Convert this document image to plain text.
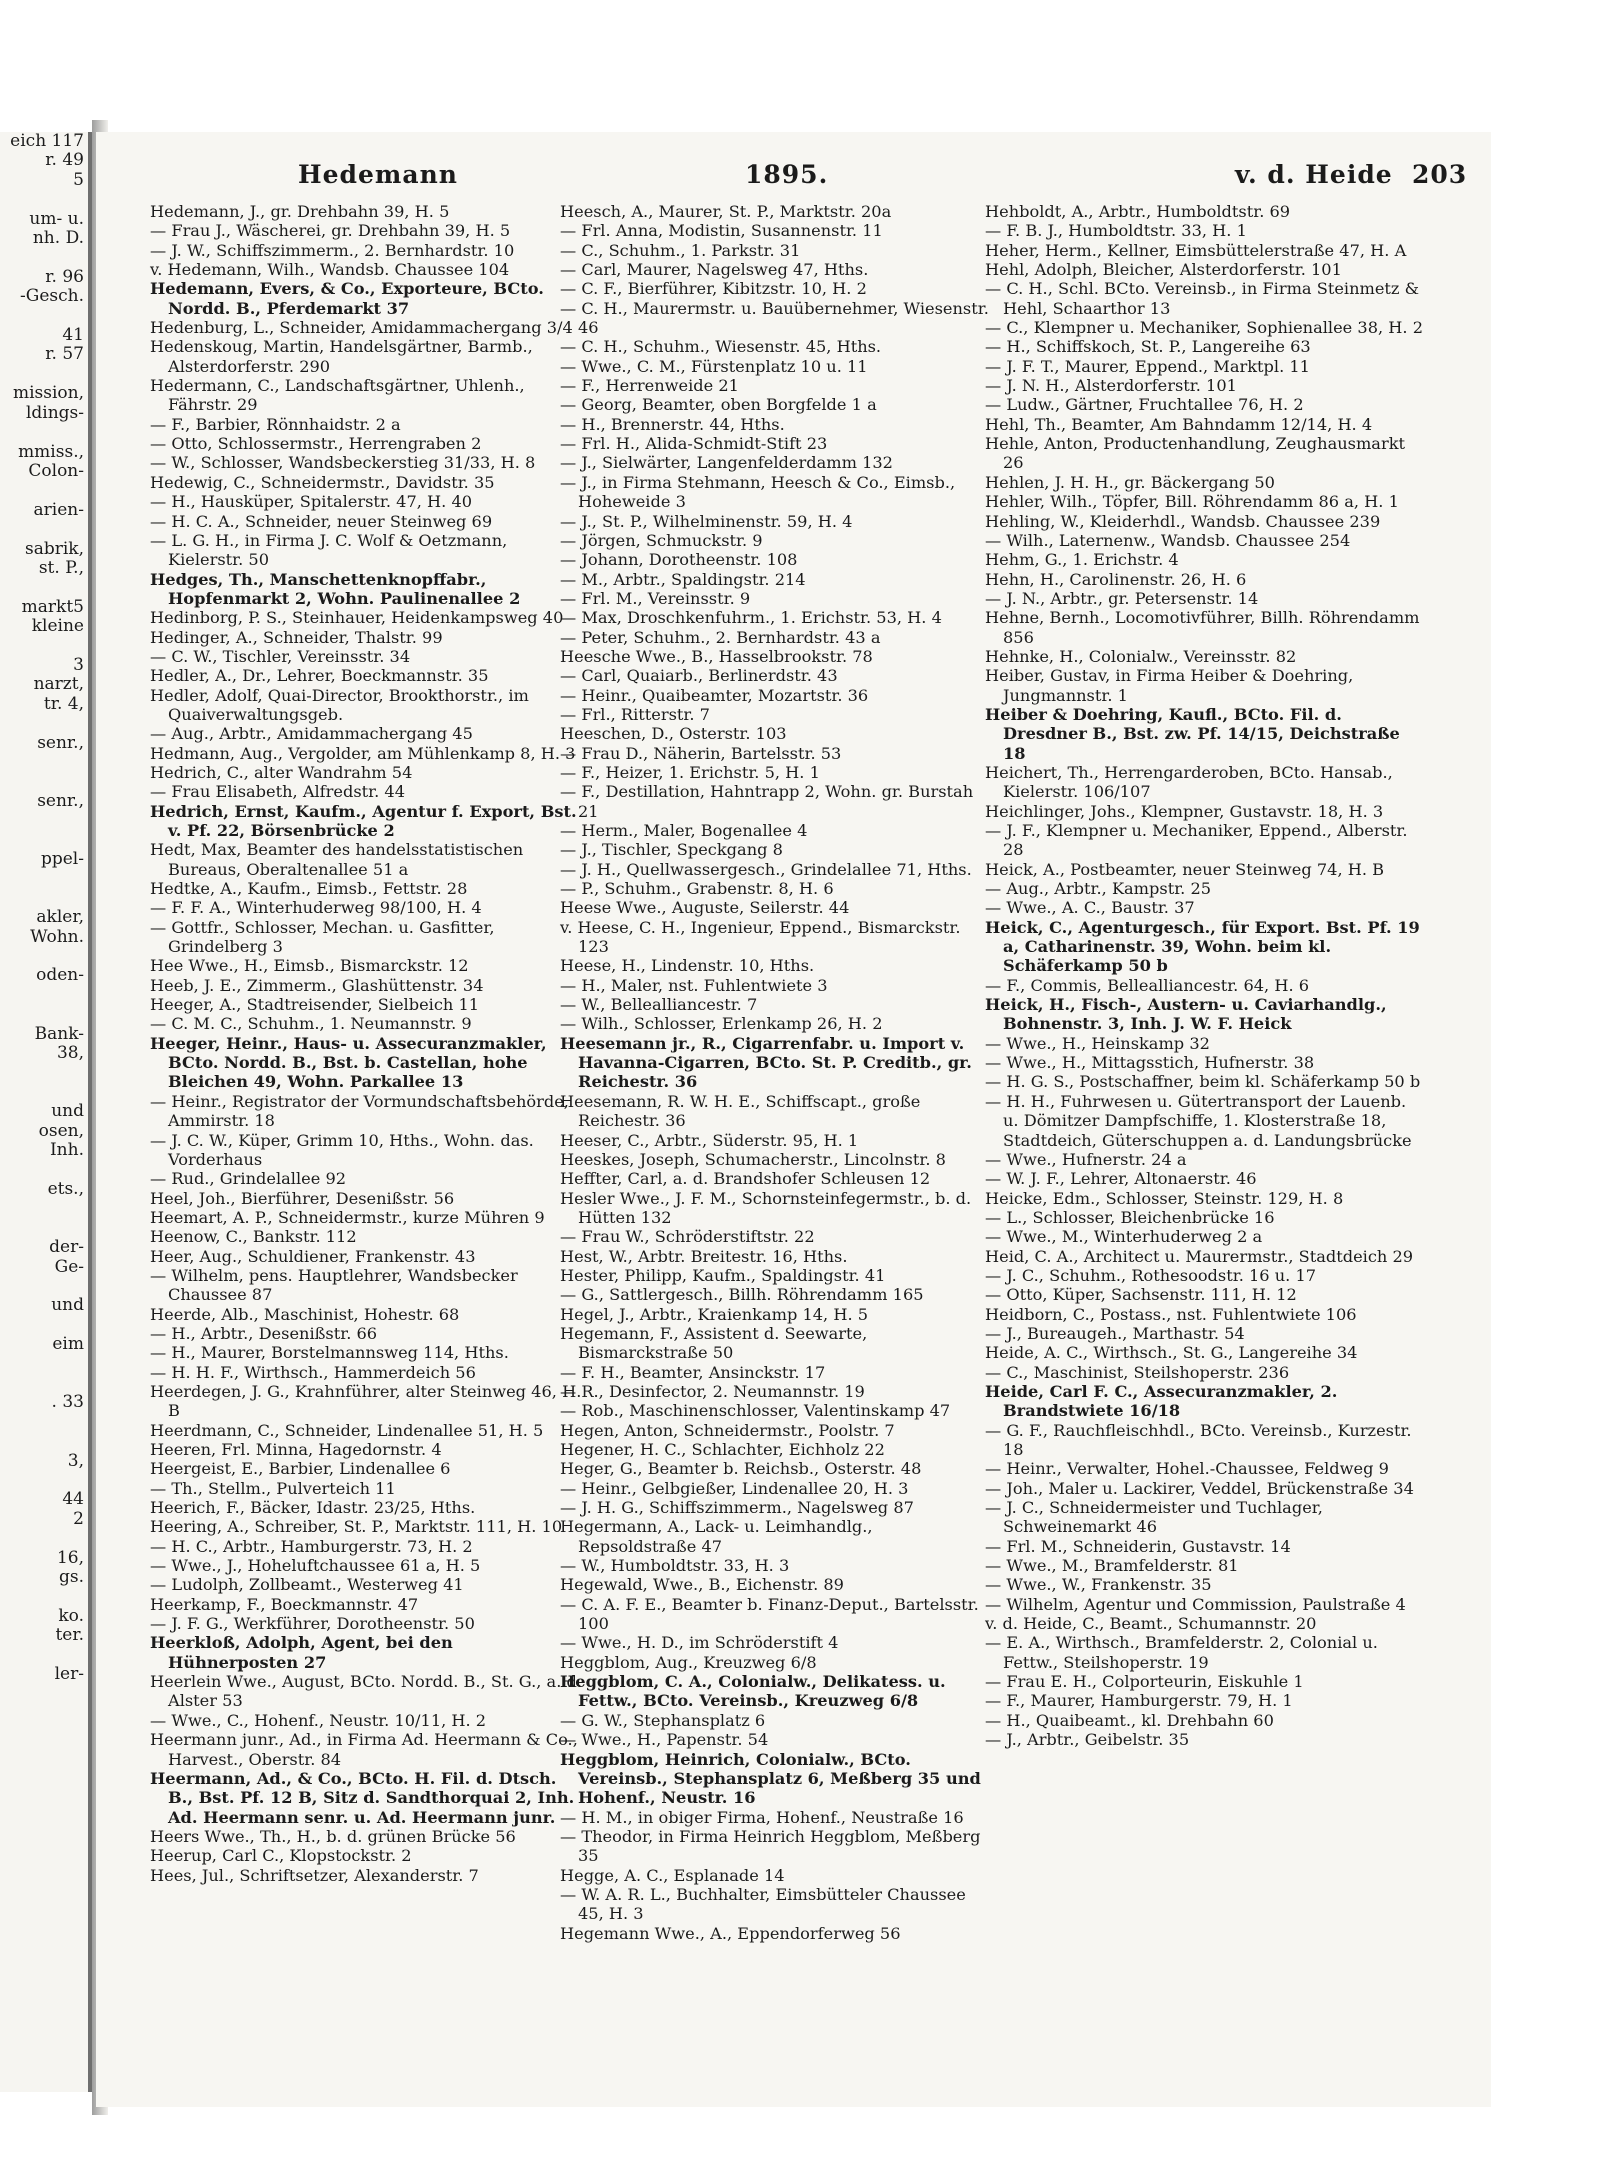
eich 117
r. 49
5

um- u.
nh. D.

r. 96
-Gesch.

41
r. 57

mission,
ldings-

mmiss.,
Colon-

arien-

sabrik,
st. P.,

markt5
kleine

3
narzt,
tr. 4,

senr.,

senr.,

ppel-

akler,
Wohn.

oden-

Bank-
38,

und
osen,
Inh.

ets.,

der-
Ge-

und

eim

. 33

3,

44
2

16,
gs.

ko.
ter.

ler-
Hedemann	1895.	v. d. Heide 203
Hedemann, J., gr. Drehbahn 39, H. 5
— Frau J., Wäscherei, gr. Drehbahn 39, H. 5
— J. W., Schiffszimmerm., 2. Bernhardstr. 10
v. Hedemann, Wilh., Wandsb. Chaussee 104
Hedemann, Evers, & Co., Exporteure, BCto. Nordd. B., Pferdemarkt 37
Hedenburg, L., Schneider, Amidammachergang 3/4
Hedenskoug, Martin, Handelsgärtner, Barmb., Alsterdorferstr. 290
Hedermann, C., Landschaftsgärtner, Uhlenh., Fährstr. 29
— F., Barbier, Rönnhaidstr. 2 a
— Otto, Schlossermstr., Herrengraben 2
— W., Schlosser, Wandsbeckerstieg 31/33, H. 8
Hedewig, C., Schneidermstr., Davidstr. 35
— H., Hausküper, Spitalerstr. 47, H. 40
— H. C. A., Schneider, neuer Steinweg 69
— L. G. H., in Firma J. C. Wolf & Oetzmann, Kielerstr. 50
Hedges, Th., Manschettenknopffabr., Hopfenmarkt 2, Wohn. Paulinenallee 2
Hedinborg, P. S., Steinhauer, Heidenkampsweg 40
Hedinger, A., Schneider, Thalstr. 99
— C. W., Tischler, Vereinsstr. 34
Hedler, A., Dr., Lehrer, Boeckmannstr. 35
Hedler, Adolf, Quai-Director, Brookthorstr., im Quaiverwaltungsgeb.
— Aug., Arbtr., Amidammachergang 45
Hedmann, Aug., Vergolder, am Mühlenkamp 8, H. 3
Hedrich, C., alter Wandrahm 54
— Frau Elisabeth, Alfredstr. 44
Hedrich, Ernst, Kaufm., Agentur f. Export, Bst. v. Pf. 22, Börsenbrücke 2
Hedt, Max, Beamter des handelsstatistischen Bureaus, Oberaltenallee 51 a
Hedtke, A., Kaufm., Eimsb., Fettstr. 28
— F. F. A., Winterhuderweg 98/100, H. 4
— Gottfr., Schlosser, Mechan. u. Gasfitter, Grindelberg 3
Hee Wwe., H., Eimsb., Bismarckstr. 12
Heeb, J. E., Zimmerm., Glashüttenstr. 34
Heeger, A., Stadtreisender, Sielbeich 11
— C. M. C., Schuhm., 1. Neumannstr. 9
Heeger, Heinr., Haus- u. Assecuranzmakler, BCto. Nordd. B., Bst. b. Castellan, hohe Bleichen 49, Wohn. Parkallee 13
— Heinr., Registrator der Vormundschaftsbehörde, Ammirstr. 18
— J. C. W., Küper, Grimm 10, Hths., Wohn. das. Vorderhaus
— Rud., Grindelallee 92
Heel, Joh., Bierführer, Desenißstr. 56
Heemart, A. P., Schneidermstr., kurze Mühren 9
Heenow, C., Bankstr. 112
Heer, Aug., Schuldiener, Frankenstr. 43
— Wilhelm, pens. Hauptlehrer, Wandsbecker Chaussee 87
Heerde, Alb., Maschinist, Hohestr. 68
— H., Arbtr., Desenißstr. 66
— H., Maurer, Borstelmannsweg 114, Hths.
— H. H. F., Wirthsch., Hammerdeich 56
Heerdegen, J. G., Krahnführer, alter Steinweg 46, H. B
Heerdmann, C., Schneider, Lindenallee 51, H. 5
Heeren, Frl. Minna, Hagedornstr. 4
Heergeist, E., Barbier, Lindenallee 6
— Th., Stellm., Pulverteich 11
Heerich, F., Bäcker, Idastr. 23/25, Hths.
Heering, A., Schreiber, St. P., Marktstr. 111, H. 10
— H. C., Arbtr., Hamburgerstr. 73, H. 2
— Wwe., J., Hoheluftchaussee 61 a, H. 5
— Ludolph, Zollbeamt., Westerweg 41
Heerkamp, F., Boeckmannstr. 47
— J. F. G., Werkführer, Dorotheenstr. 50
Heerkloß, Adolph, Agent, bei den Hühnerposten 27
Heerlein Wwe., August, BCto. Nordd. B., St. G., a. d. Alster 53
— Wwe., C., Hohenf., Neustr. 10/11, H. 2
Heermann junr., Ad., in Firma Ad. Heermann & Co., Harvest., Oberstr. 84
Heermann, Ad., & Co., BCto. H. Fil. d. Dtsch. B., Bst. Pf. 12 B, Sitz d. Sandthorquai 2, Inh. Ad. Heermann senr. u. Ad. Heermann junr.
Heers Wwe., Th., H., b. d. grünen Brücke 56
Heerup, Carl C., Klopstockstr. 2
Hees, Jul., Schriftsetzer, Alexanderstr. 7
Heesch, A., Maurer, St. P., Marktstr. 20a
— Frl. Anna, Modistin, Susannenstr. 11
— C., Schuhm., 1. Parkstr. 31
— Carl, Maurer, Nagelsweg 47, Hths.
— C. F., Bierführer, Kibitzstr. 10, H. 2
— C. H., Maurermstr. u. Bauübernehmer, Wiesenstr. 46
— C. H., Schuhm., Wiesenstr. 45, Hths.
— Wwe., C. M., Fürstenplatz 10 u. 11
— F., Herrenweide 21
— Georg, Beamter, oben Borgfelde 1 a
— H., Brennerstr. 44, Hths.
— Frl. H., Alida-Schmidt-Stift 23
— J., Sielwärter, Langenfelderdamm 132
— J., in Firma Stehmann, Heesch & Co., Eimsb., Hoheweide 3
— J., St. P., Wilhelminenstr. 59, H. 4
— Jörgen, Schmuckstr. 9
— Johann, Dorotheenstr. 108
— M., Arbtr., Spaldingstr. 214
— Frl. M., Vereinsstr. 9
— Max, Droschkenfuhrm., 1. Erichstr. 53, H. 4
— Peter, Schuhm., 2. Bernhardstr. 43 a
Heesche Wwe., B., Hasselbrookstr. 78
— Carl, Quaiarb., Berlinerdstr. 43
— Heinr., Quaibeamter, Mozartstr. 36
— Frl., Ritterstr. 7
Heeschen, D., Osterstr. 103
— Frau D., Näherin, Bartelsstr. 53
— F., Heizer, 1. Erichstr. 5, H. 1
— F., Destillation, Hahntrapp 2, Wohn. gr. Burstah 21
— Herm., Maler, Bogenallee 4
— J., Tischler, Speckgang 8
— J. H., Quellwassergesch., Grindelallee 71, Hths.
— P., Schuhm., Grabenstr. 8, H. 6
Heese Wwe., Auguste, Seilerstr. 44
v. Heese, C. H., Ingenieur, Eppend., Bismarckstr. 123
Heese, H., Lindenstr. 10, Hths.
— H., Maler, nst. Fuhlentwiete 3
— W., Bellealliancestr. 7
— Wilh., Schlosser, Erlenkamp 26, H. 2
Heesemann jr., R., Cigarrenfabr. u. Import v. Havanna-Cigarren, BCto. St. P. Creditb., gr. Reichestr. 36
Heesemann, R. W. H. E., Schiffscapt., große Reichestr. 36
Heeser, C., Arbtr., Süderstr. 95, H. 1
Heeskes, Joseph, Schumacherstr., Lincolnstr. 8
Heffter, Carl, a. d. Brandshofer Schleusen 12
Hesler Wwe., J. F. M., Schornsteinfegermstr., b. d. Hütten 132
— Frau W., Schröderstiftstr. 22
Hest, W., Arbtr. Breitestr. 16, Hths.
Hester, Philipp, Kaufm., Spaldingstr. 41
— G., Sattlergesch., Billh. Röhrendamm 165
Hegel, J., Arbtr., Kraienkamp 14, H. 5
Hegemann, F., Assistent d. Seewarte, Bismarckstraße 50
— F. H., Beamter, Ansinckstr. 17
— R., Desinfector, 2. Neumannstr. 19
— Rob., Maschinenschlosser, Valentinskamp 47
Hegen, Anton, Schneidermstr., Poolstr. 7
Hegener, H. C., Schlachter, Eichholz 22
Heger, G., Beamter b. Reichsb., Osterstr. 48
— Heinr., Gelbgießer, Lindenallee 20, H. 3
— J. H. G., Schiffszimmerm., Nagelsweg 87
Hegermann, A., Lack- u. Leimhandlg., Repsoldstraße 47
— W., Humboldtstr. 33, H. 3
Hegewald, Wwe., B., Eichenstr. 89
— C. A. F. E., Beamter b. Finanz-Deput., Bartelsstr. 100
— Wwe., H. D., im Schröderstift 4
Heggblom, Aug., Kreuzweg 6/8
Heggblom, C. A., Colonialw., Delikatess. u. Fettw., BCto. Vereinsb., Kreuzweg 6/8
— G. W., Stephansplatz 6
— Wwe., H., Papenstr. 54
Heggblom, Heinrich, Colonialw., BCto. Vereinsb., Stephansplatz 6, Meßberg 35 und Hohenf., Neustr. 16
— H. M., in obiger Firma, Hohenf., Neustraße 16
— Theodor, in Firma Heinrich Heggblom, Meßberg 35
Hegge, A. C., Esplanade 14
— W. A. R. L., Buchhalter, Eimsbütteler Chaussee 45, H. 3
Hegemann Wwe., A., Eppendorferweg 56
Hehboldt, A., Arbtr., Humboldtstr. 69
— F. B. J., Humboldtstr. 33, H. 1
Heher, Herm., Kellner, Eimsbüttelerstraße 47, H. A
Hehl, Adolph, Bleicher, Alsterdorferstr. 101
— C. H., Schl. BCto. Vereinsb., in Firma Steinmetz & Hehl, Schaarthor 13
— C., Klempner u. Mechaniker, Sophienallee 38, H. 2
— H., Schiffskoch, St. P., Langereihe 63
— J. F. T., Maurer, Eppend., Marktpl. 11
— J. N. H., Alsterdorferstr. 101
— Ludw., Gärtner, Fruchtallee 76, H. 2
Hehl, Th., Beamter, Am Bahndamm 12/14, H. 4
Hehle, Anton, Productenhandlung, Zeughausmarkt 26
Hehlen, J. H. H., gr. Bäckergang 50
Hehler, Wilh., Töpfer, Bill. Röhrendamm 86 a, H. 1
Hehling, W., Kleiderhdl., Wandsb. Chaussee 239
— Wilh., Laternenw., Wandsb. Chaussee 254
Hehm, G., 1. Erichstr. 4
Hehn, H., Carolinenstr. 26, H. 6
— J. N., Arbtr., gr. Petersenstr. 14
Hehne, Bernh., Locomotivführer, Billh. Röhrendamm 856
Hehnke, H., Colonialw., Vereinsstr. 82
Heiber, Gustav, in Firma Heiber & Doehring, Jungmannstr. 1
Heiber & Doehring, Kaufl., BCto. Fil. d. Dresdner B., Bst. zw. Pf. 14/15, Deichstraße 18
Heichert, Th., Herrengarderoben, BCto. Hansab., Kielerstr. 106/107
Heichlinger, Johs., Klempner, Gustavstr. 18, H. 3
— J. F., Klempner u. Mechaniker, Eppend., Alberstr. 28
Heick, A., Postbeamter, neuer Steinweg 74, H. B
— Aug., Arbtr., Kampstr. 25
— Wwe., A. C., Baustr. 37
Heick, C., Agenturgesch., für Export. Bst. Pf. 19 a, Catharinenstr. 39, Wohn. beim kl. Schäferkamp 50 b
— F., Commis, Bellealliancestr. 64, H. 6
Heick, H., Fisch-, Austern- u. Caviarhandlg., Bohnenstr. 3, Inh. J. W. F. Heick
— Wwe., H., Heinskamp 32
— Wwe., H., Mittagsstich, Hufnerstr. 38
— H. G. S., Postschaffner, beim kl. Schäferkamp 50 b
— H. H., Fuhrwesen u. Gütertransport der Lauenb. u. Dömitzer Dampfschiffe, 1. Klosterstraße 18, Stadtdeich, Güterschuppen a. d. Landungsbrücke
— Wwe., Hufnerstr. 24 a
— W. J. F., Lehrer, Altonaerstr. 46
Heicke, Edm., Schlosser, Steinstr. 129, H. 8
— L., Schlosser, Bleichenbrücke 16
— Wwe., M., Winterhuderweg 2 a
Heid, C. A., Architect u. Maurermstr., Stadtdeich 29
— J. C., Schuhm., Rothesoodstr. 16 u. 17
— Otto, Küper, Sachsenstr. 111, H. 12
Heidborn, C., Postass., nst. Fuhlentwiete 106
— J., Bureaugeh., Marthastr. 54
Heide, A. C., Wirthsch., St. G., Langereihe 34
— C., Maschinist, Steilshoperstr. 236
Heide, Carl F. C., Assecuranzmakler, 2. Brandstwiete 16/18
— G. F., Rauchfleischhdl., BCto. Vereinsb., Kurzestr. 18
— Heinr., Verwalter, Hohel.-Chaussee, Feldweg 9
— Joh., Maler u. Lackirer, Veddel, Brückenstraße 34
— J. C., Schneidermeister und Tuchlager, Schweinemarkt 46
— Frl. M., Schneiderin, Gustavstr. 14
— Wwe., M., Bramfelderstr. 81
— Wwe., W., Frankenstr. 35
— Wilhelm, Agentur und Commission, Paulstraße 4
v. d. Heide, C., Beamt., Schumannstr. 20
— E. A., Wirthsch., Bramfelderstr. 2, Colonial u. Fettw., Steilshoperstr. 19
— Frau E. H., Colporteurin, Eiskuhle 1
— F., Maurer, Hamburgerstr. 79, H. 1
— H., Quaibeamt., kl. Drehbahn 60
— J., Arbtr., Geibelstr. 35
